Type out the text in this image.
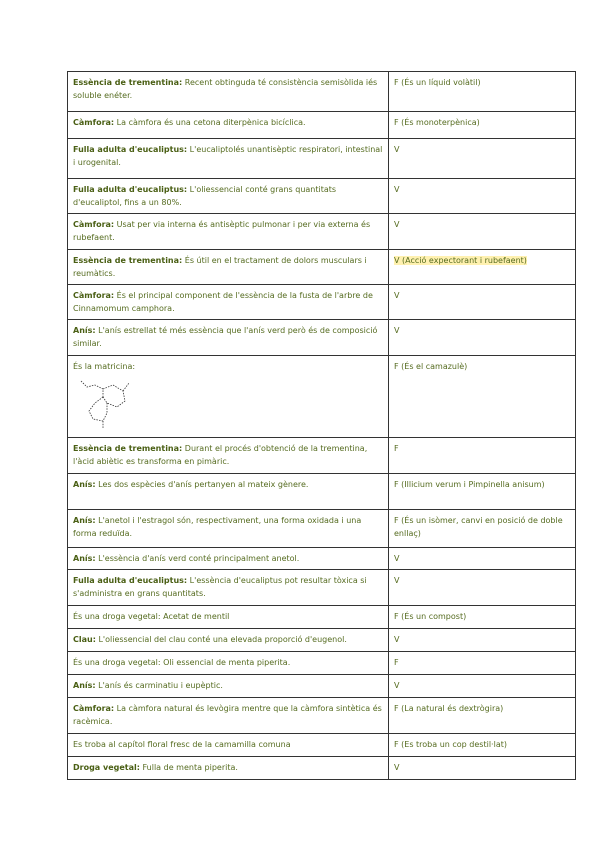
Essència de trementina: Recent obtinguda té consistència semisòlida iés soluble enéter.	F (És un líquid volàtil)
Càmfora: La càmfora és una cetona diterpènica bicíclica.	F (És monoterpènica)
Fulla adulta d'eucaliptus: L'eucaliptolés unantisèptic respiratori, intestinal i urogenital.	V
Fulla adulta d'eucaliptus: L'oliessencial conté grans quantitats d'eucaliptol, fins a un 80%.	V
Càmfora: Usat per via interna és antisèptic pulmonar i per via externa és rubefaent.	V
Essència de trementina: És útil en el tractament de dolors musculars i reumàtics.	V (Acció expectorant i rubefaent)
Càmfora: És el principal component de l'essència de la fusta de l'arbre de Cinnamomum camphora.	V
Anís: L'anís estrellat té més essència que l'anís verd però és de composició similar.	V
És la matricina:	F (És el camazulè)
Essència de trementina: Durant el procés d'obtenció de la trementina, l'àcid abiètic es transforma en pimàric.	F
Anís: Les dos espècies d'anís pertanyen al mateix gènere.	F (Illicium verum i Pimpinella anisum)
Anís: L'anetol i l'estragol són, respectivament, una forma oxidada i una forma reduïda.	F (És un isòmer, canvi en posició de doble enllaç)
Anís: L'essència d'anís verd conté principalment anetol.	V
Fulla adulta d'eucaliptus: L'essència d'eucaliptus pot resultar tòxica si s'administra en grans quantitats.	V
És una droga vegetal: Acetat de mentil	F (És un compost)
Clau: L'oliessencial del clau conté una elevada proporció d'eugenol.	V
És una droga vegetal: Oli essencial de menta piperita.	F
Anís: L'anís és carminatiu i eupèptic.	V
Càmfora: La càmfora natural és levògira mentre que la càmfora sintètica és racèmica.	F (La natural és dextrògira)
Es troba al capítol floral fresc de la camamilla comuna	F (Es troba un cop destil·lat)
Droga vegetal: Fulla de menta piperita.	V
